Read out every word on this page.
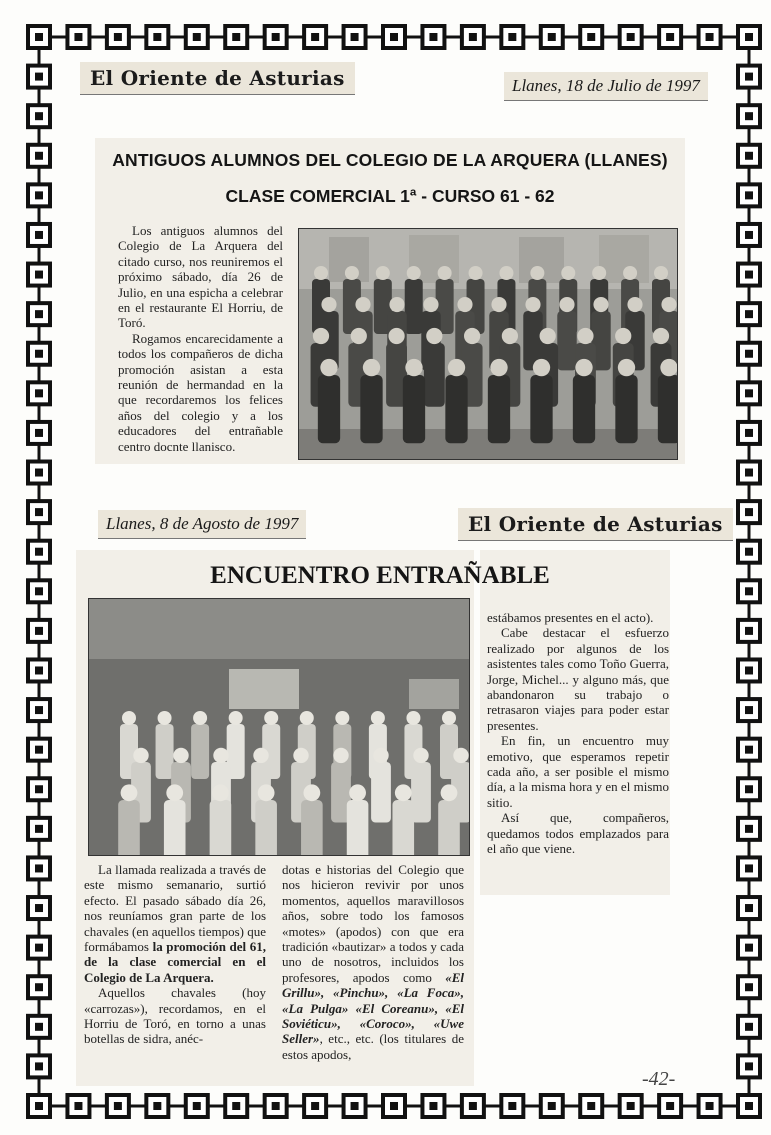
El Oriente de Asturias	Llanes, 18 de Julio de 1997
ANTIGUOS ALUMNOS DEL COLEGIO DE LA ARQUERA (LLANES)
CLASE COMERCIAL 1ª - CURSO 61 - 62

Los antiguos alumnos del Colegio de La Arquera del citado curso, nos reuniremos el próximo sábado, día 26 de Julio, en una espicha a celebrar en el restaurante El Horriu, de Toró.

Rogamos encarecidamente a todos los compañeros de dicha promoción asistan a esta reunión de hermandad en la que recordaremos los felices años del colegio y a los educadores del entrañable centro docnte llanisco.

Llanes, 8 de Agosto de 1997	El Oriente de Asturias
ENCUENTRO ENTRAÑABLE

La llamada realizada a través de este mismo semanario, surtió efecto. El pasado sábado día 26, nos reuníamos gran parte de los chavales (en aquellos tiempos) que formábamos la promoción del 61, de la clase comercial en el Colegio de La Arquera.

Aquellos chavales (hoy «carrozas»), recordamos, en el Horriu de Toró, en torno a unas botellas de sidra, anéc-

dotas e historias del Colegio que nos hicieron revivir por unos momentos, aquellos maravillosos años, sobre todo los famosos «motes» (apodos) con que era tradición «bautizar» a todos y cada uno de nosotros, incluidos los profesores, apodos como «El Grillu», «Pinchu», «La Foca», «La Pulga» «El Coreanu», «El Soviéticu», «Coroco», «Uwe Seller», etc., etc. (los titulares de estos apodos,

estábamos presentes en el acto).

Cabe destacar el esfuerzo realizado por algunos de los asistentes tales como Toño Guerra, Jorge, Michel... y alguno más, que abandonaron su trabajo o retrasaron viajes para poder estar presentes.

En fin, un encuentro muy emotivo, que esperamos repetir cada año, a ser posible el mismo día, a la misma hora y en el mismo sitio.

Así que, compañeros, quedamos todos emplazados para el año que viene.

-42-
